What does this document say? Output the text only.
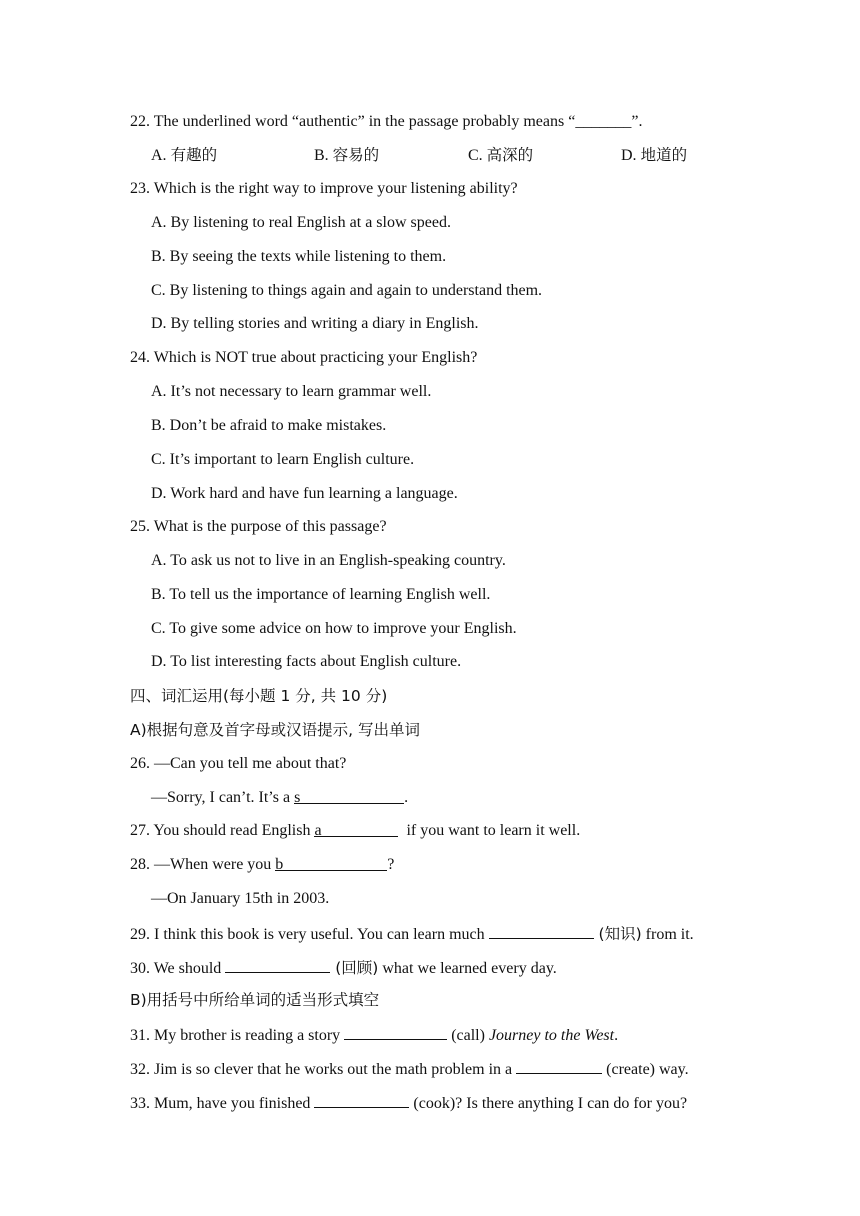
22. The underlined word “authentic” in the passage probably means “_______”.
A. 有趣的	B. 容易的	C. 高深的	D. 地道的
23. Which is the right way to improve your listening ability?
A. By listening to real English at a slow speed.
B. By seeing the texts while listening to them.
C. By listening to things again and again to understand them.
D. By telling stories and writing a diary in English.
24. Which is NOT true about practicing your English?
A. It’s not necessary to learn grammar well.
B. Don’t be afraid to make mistakes.
C. It’s important to learn English culture.
D. Work hard and have fun learning a language.
25. What is the purpose of this passage?
A. To ask us not to live in an English-speaking country.
B. To tell us the importance of learning English well.
C. To give some advice on how to improve your English.
D. To list interesting facts about English culture.
四、词汇运用(每小题 1 分, 共 10 分)
A)根据句意及首字母或汉语提示, 写出单词
26. —Can you tell me about that?
—Sorry, I can’t. It’s a s	.
27. You should read English a	if you want to learn it well.
28. —When were you b	?
—On January 15th in 2003.
29. I think this book is very useful. You can learn much	(知识) from it.
30. We should	(回顾) what we learned every day.
B)用括号中所给单词的适当形式填空
31. My brother is reading a story	(call) Journey to the West.
32. Jim is so clever that he works out the math problem in a	(create) way.
33. Mum, have you finished	(cook)? Is there anything I can do for you?
